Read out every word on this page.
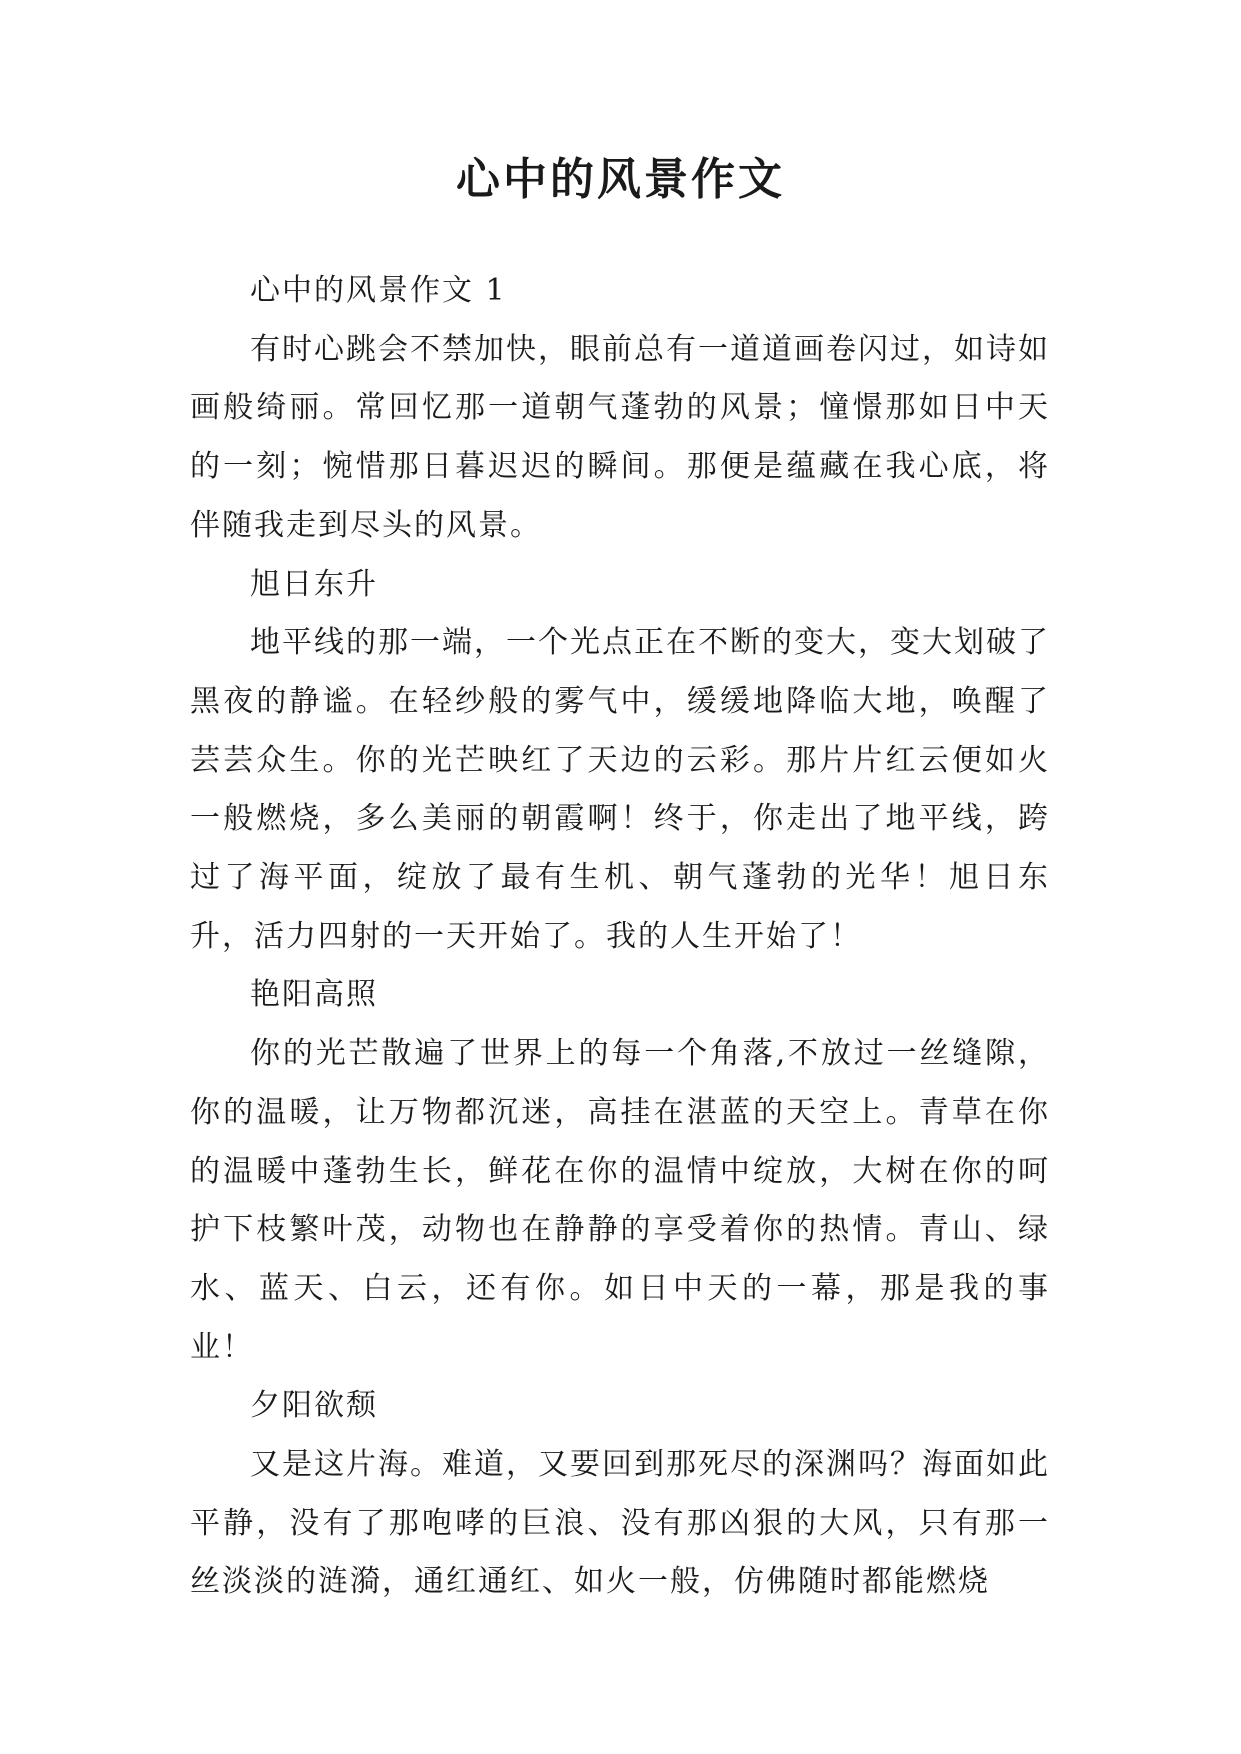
心中的风景作文

心中的风景作文 1

有时心跳会不禁加快，眼前总有一道道画卷闪过，如诗如画般绮丽。常回忆那一道朝气蓬勃的风景；憧憬那如日中天的一刻；惋惜那日暮迟迟的瞬间。那便是蕴藏在我心底，将伴随我走到尽头的风景。

旭日东升

地平线的那一端，一个光点正在不断的变大，变大划破了黑夜的静谧。在轻纱般的雾气中，缓缓地降临大地，唤醒了芸芸众生。你的光芒映红了天边的云彩。那片片红云便如火一般燃烧，多么美丽的朝霞啊！终于，你走出了地平线，跨过了海平面，绽放了最有生机、朝气蓬勃的光华！旭日东升，活力四射的一天开始了。我的人生开始了！

艳阳高照

你的光芒散遍了世界上的每一个角落,不放过一丝缝隙，你的温暖，让万物都沉迷，高挂在湛蓝的天空上。青草在你的温暖中蓬勃生长，鲜花在你的温情中绽放，大树在你的呵护下枝繁叶茂，动物也在静静的享受着你的热情。青山、绿水、蓝天、白云，还有你。如日中天的一幕，那是我的事业！

夕阳欲颓

又是这片海。难道，又要回到那死尽的深渊吗？海面如此平静，没有了那咆哮的巨浪、没有那凶狠的大风，只有那一丝淡淡的涟漪，通红通红、如火一般，仿佛随时都能燃烧
